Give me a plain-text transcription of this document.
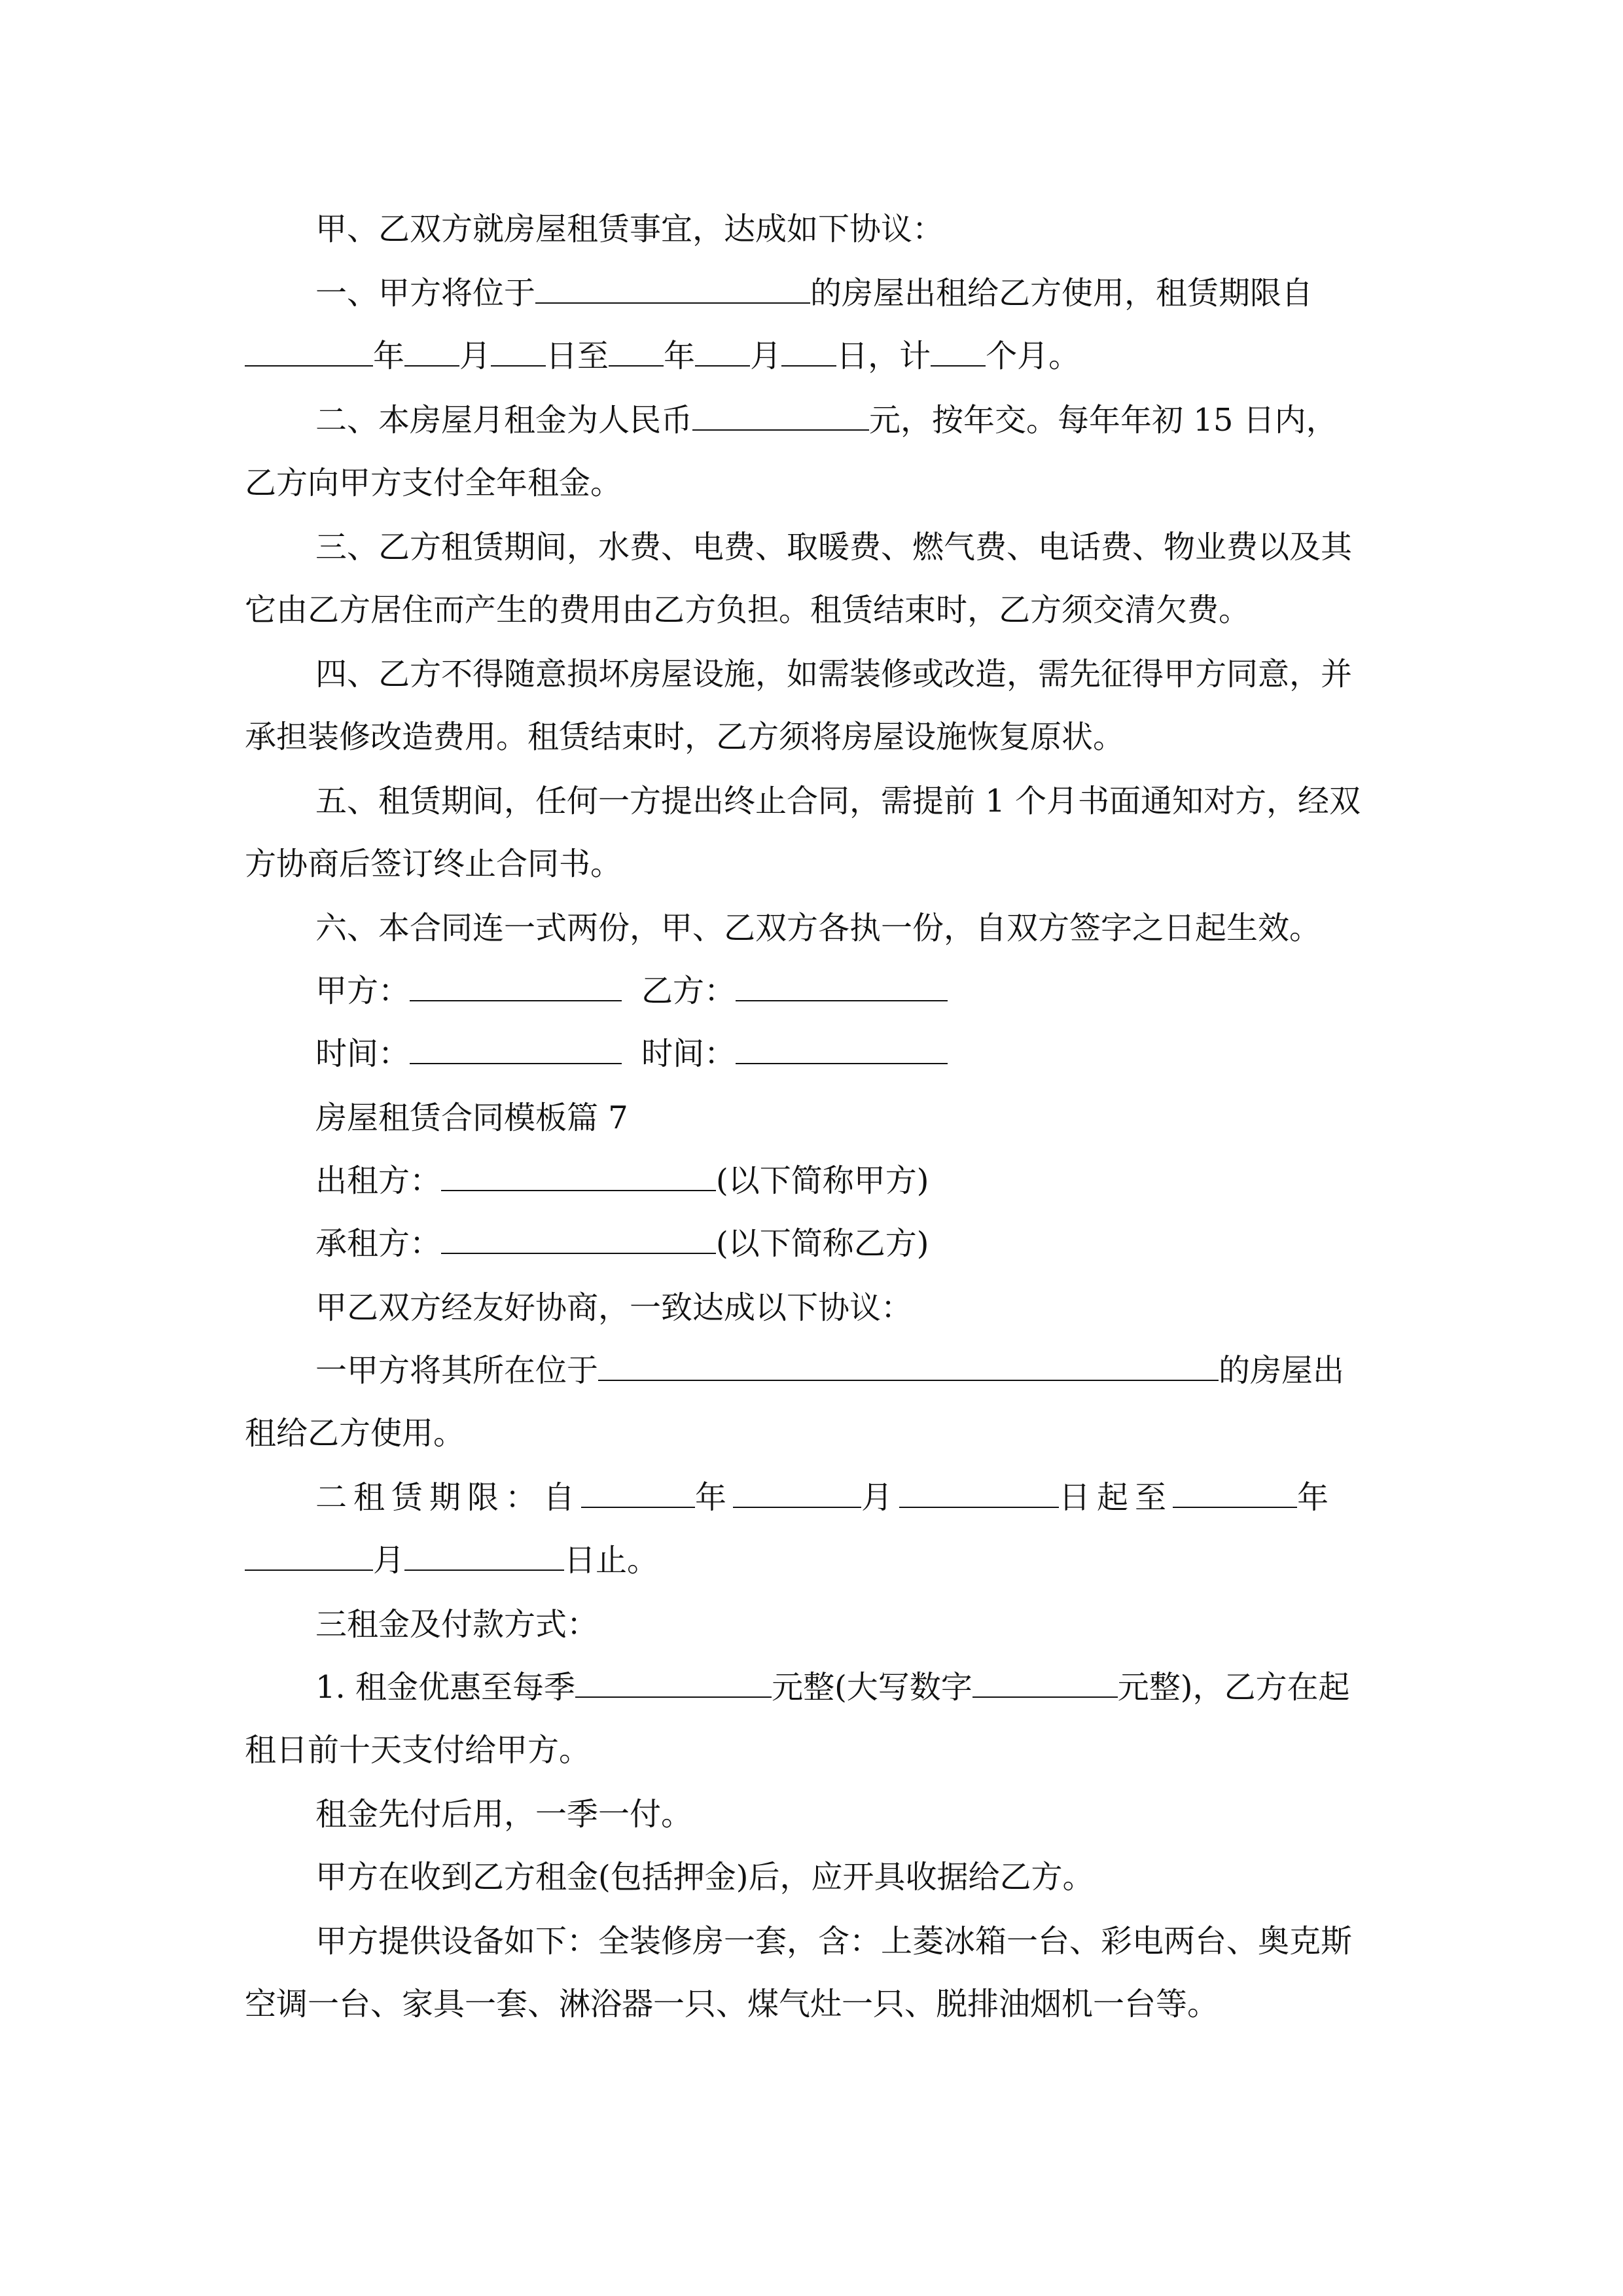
甲、乙双方就房屋租赁事宜，达成如下协议：
一、甲方将位于	的房屋出租给乙方使用，租赁期限自
年 月 日至 年 月 日，计 个月。
二、本房屋月租金为人民币	元，按年交。每年年初 15 日内，
乙方向甲方支付全年租金。
三、乙方租赁期间，水费、电费、取暖费、燃气费、电话费、物业费以及其
它由乙方居住而产生的费用由乙方负担。租赁结束时，乙方须交清欠费。
四、乙方不得随意损坏房屋设施，如需装修或改造，需先征得甲方同意，并
承担装修改造费用。租赁结束时，乙方须将房屋设施恢复原状。
五、租赁期间，任何一方提出终止合同，需提前 1 个月书面通知对方，经双
方协商后签订终止合同书。
六、本合同连一式两份，甲、乙双方各执一份，自双方签字之日起生效。
甲方：	乙方：
时间：	时间：
房屋租赁合同模板篇 7
出租方：	(以下简称甲方)
承租方：	(以下简称乙方)
甲乙双方经友好协商，一致达成以下协议：
一甲方将其所在位于	的房屋出
租给乙方使用。
二租赁期限：自	年	月	日起至	年
月	日止。
三租金及付款方式：
1. 租金优惠至每季	元整(大写数字	元整)，乙方在起
租日前十天支付给甲方。
租金先付后用，一季一付。
甲方在收到乙方租金(包括押金)后，应开具收据给乙方。
甲方提供设备如下：全装修房一套，含：上菱冰箱一台、彩电两台、奥克斯
空调一台、家具一套、淋浴器一只、煤气灶一只、脱排油烟机一台等。
